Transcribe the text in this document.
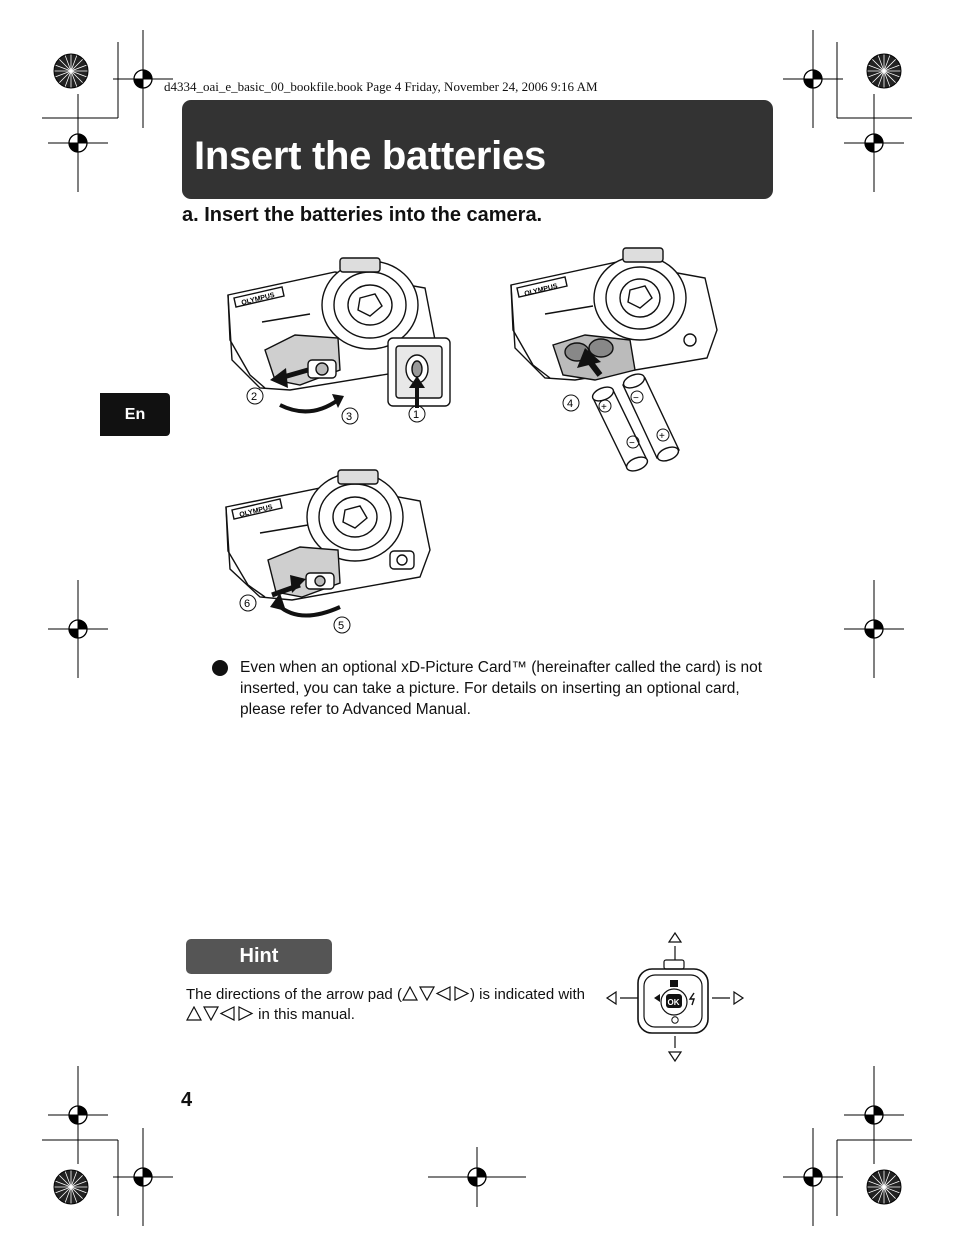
d4334_oai_e_basic_00_bookfile.book Page 4 Friday, November 24, 2006 9:16 AM
Insert the batteries
a. Insert the batteries into the camera.
En
OLYMPUS
2
3	1
+
−
−
+
OLYMPUS
4
OLYMPUS
6
5
Even when an optional xD-Picture Card™ (hereinafter called the card) is not inserted, you can take a picture. For details on inserting an optional card, please refer to Advanced Manual.
Hint
The directions of the arrow pad (	) is indicated with  in this manual.
OK
4
